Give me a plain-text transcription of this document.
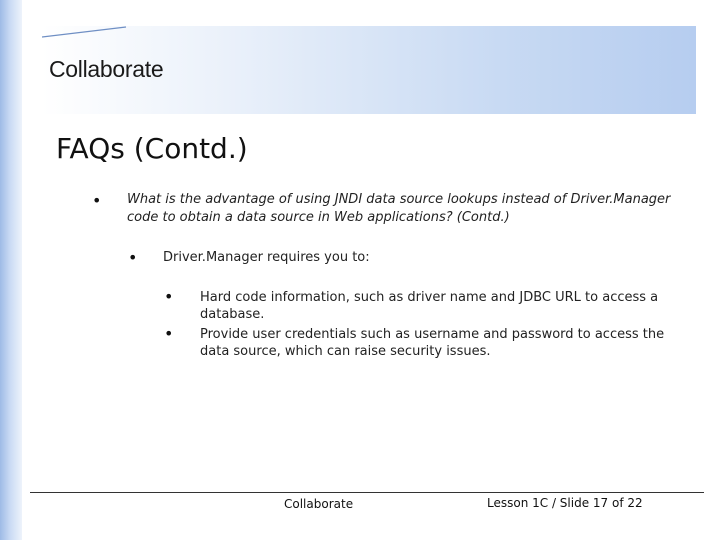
Collaborate
FAQs (Contd.)
• What is the advantage of using JNDI data source lookups instead of Driver.Manager code to obtain a data source in Web applications? (Contd.)
• Driver.Manager requires you to:
• Hard code information, such as driver name and JDBC URL to access a database.
• Provide user credentials such as username and password to access the data source, which can raise security issues.
Collaborate	Lesson 1C / Slide 17 of 22
